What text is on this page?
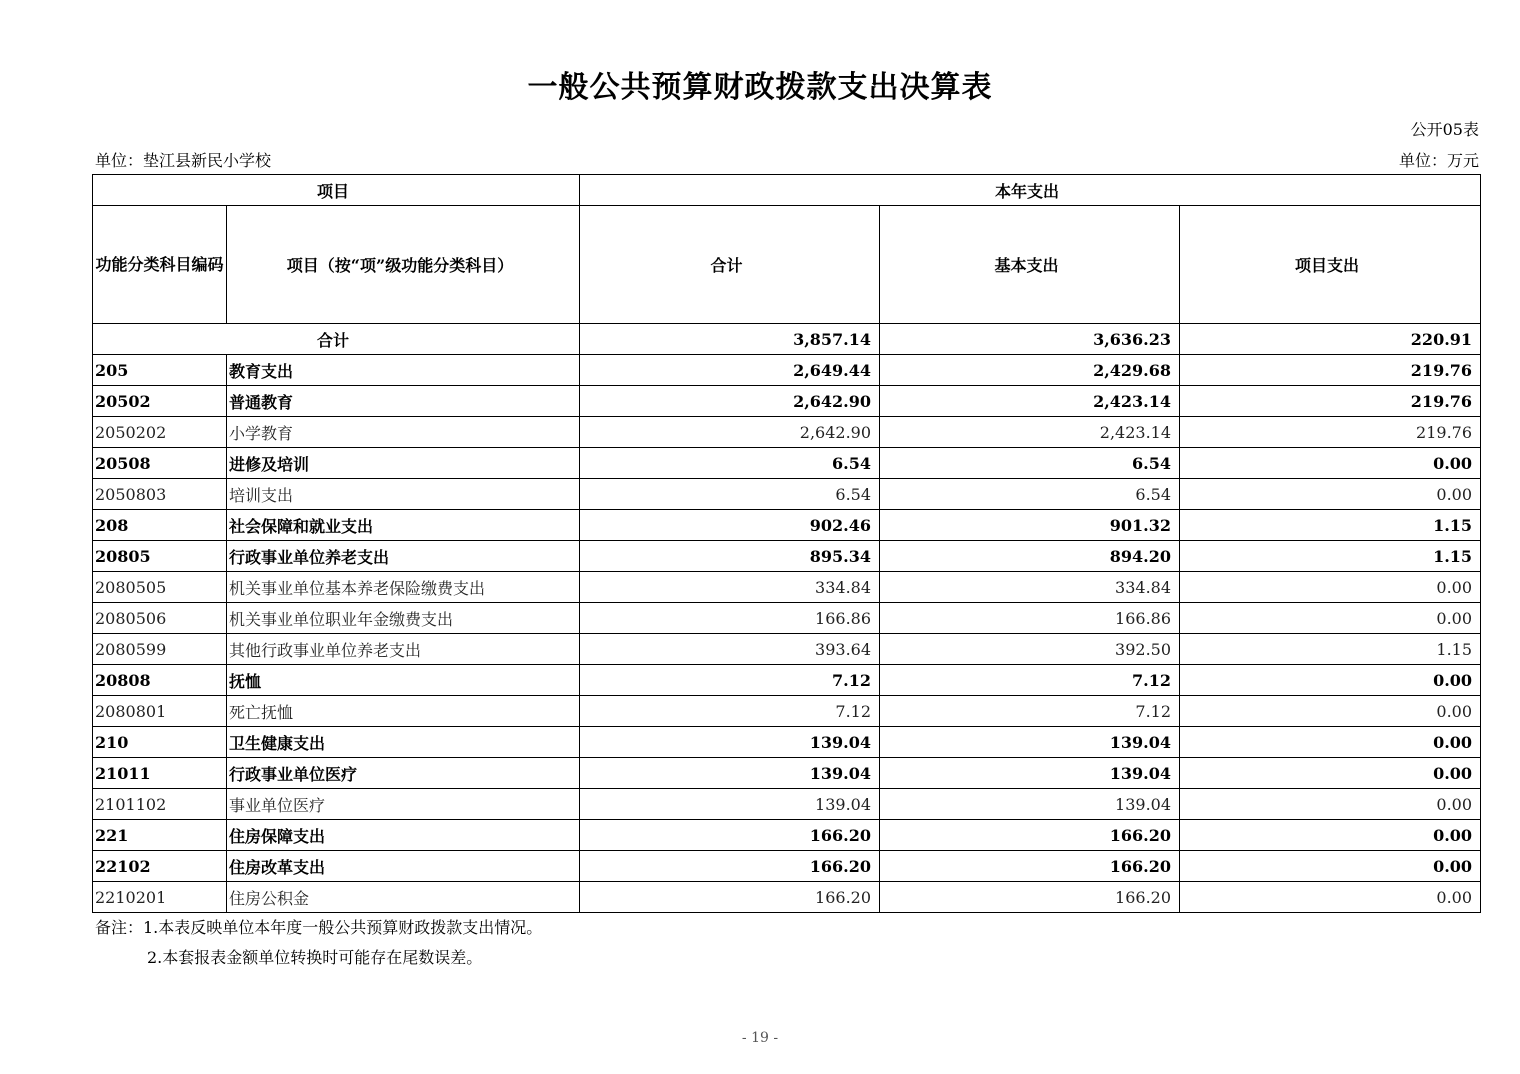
一般公共预算财政拨款支出决算表
公开05表
单位：垫江县新民小学校	单位：万元
项目		本年支出		
功能分类科目编码	项目（按“项”级功能分类科目）	合计	基本支出	项目支出
合计		3,857.14	3,636.23	220.91
205	教育支出	2,649.44	2,429.68	219.76
20502	普通教育	2,642.90	2,423.14	219.76
2050202	小学教育	2,642.90	2,423.14	219.76
20508	进修及培训	6.54	6.54	0.00
2050803	培训支出	6.54	6.54	0.00
208	社会保障和就业支出	902.46	901.32	1.15
20805	行政事业单位养老支出	895.34	894.20	1.15
2080505	机关事业单位基本养老保险缴费支出	334.84	334.84	0.00
2080506	机关事业单位职业年金缴费支出	166.86	166.86	0.00
2080599	其他行政事业单位养老支出	393.64	392.50	1.15
20808	抚恤	7.12	7.12	0.00
2080801	死亡抚恤	7.12	7.12	0.00
210	卫生健康支出	139.04	139.04	0.00
21011	行政事业单位医疗	139.04	139.04	0.00
2101102	事业单位医疗	139.04	139.04	0.00
221	住房保障支出	166.20	166.20	0.00
22102	住房改革支出	166.20	166.20	0.00
2210201	住房公积金	166.20	166.20	0.00
备注：1.本表反映单位本年度一般公共预算财政拨款支出情况。
2.本套报表金额单位转换时可能存在尾数误差。
- 19 -
